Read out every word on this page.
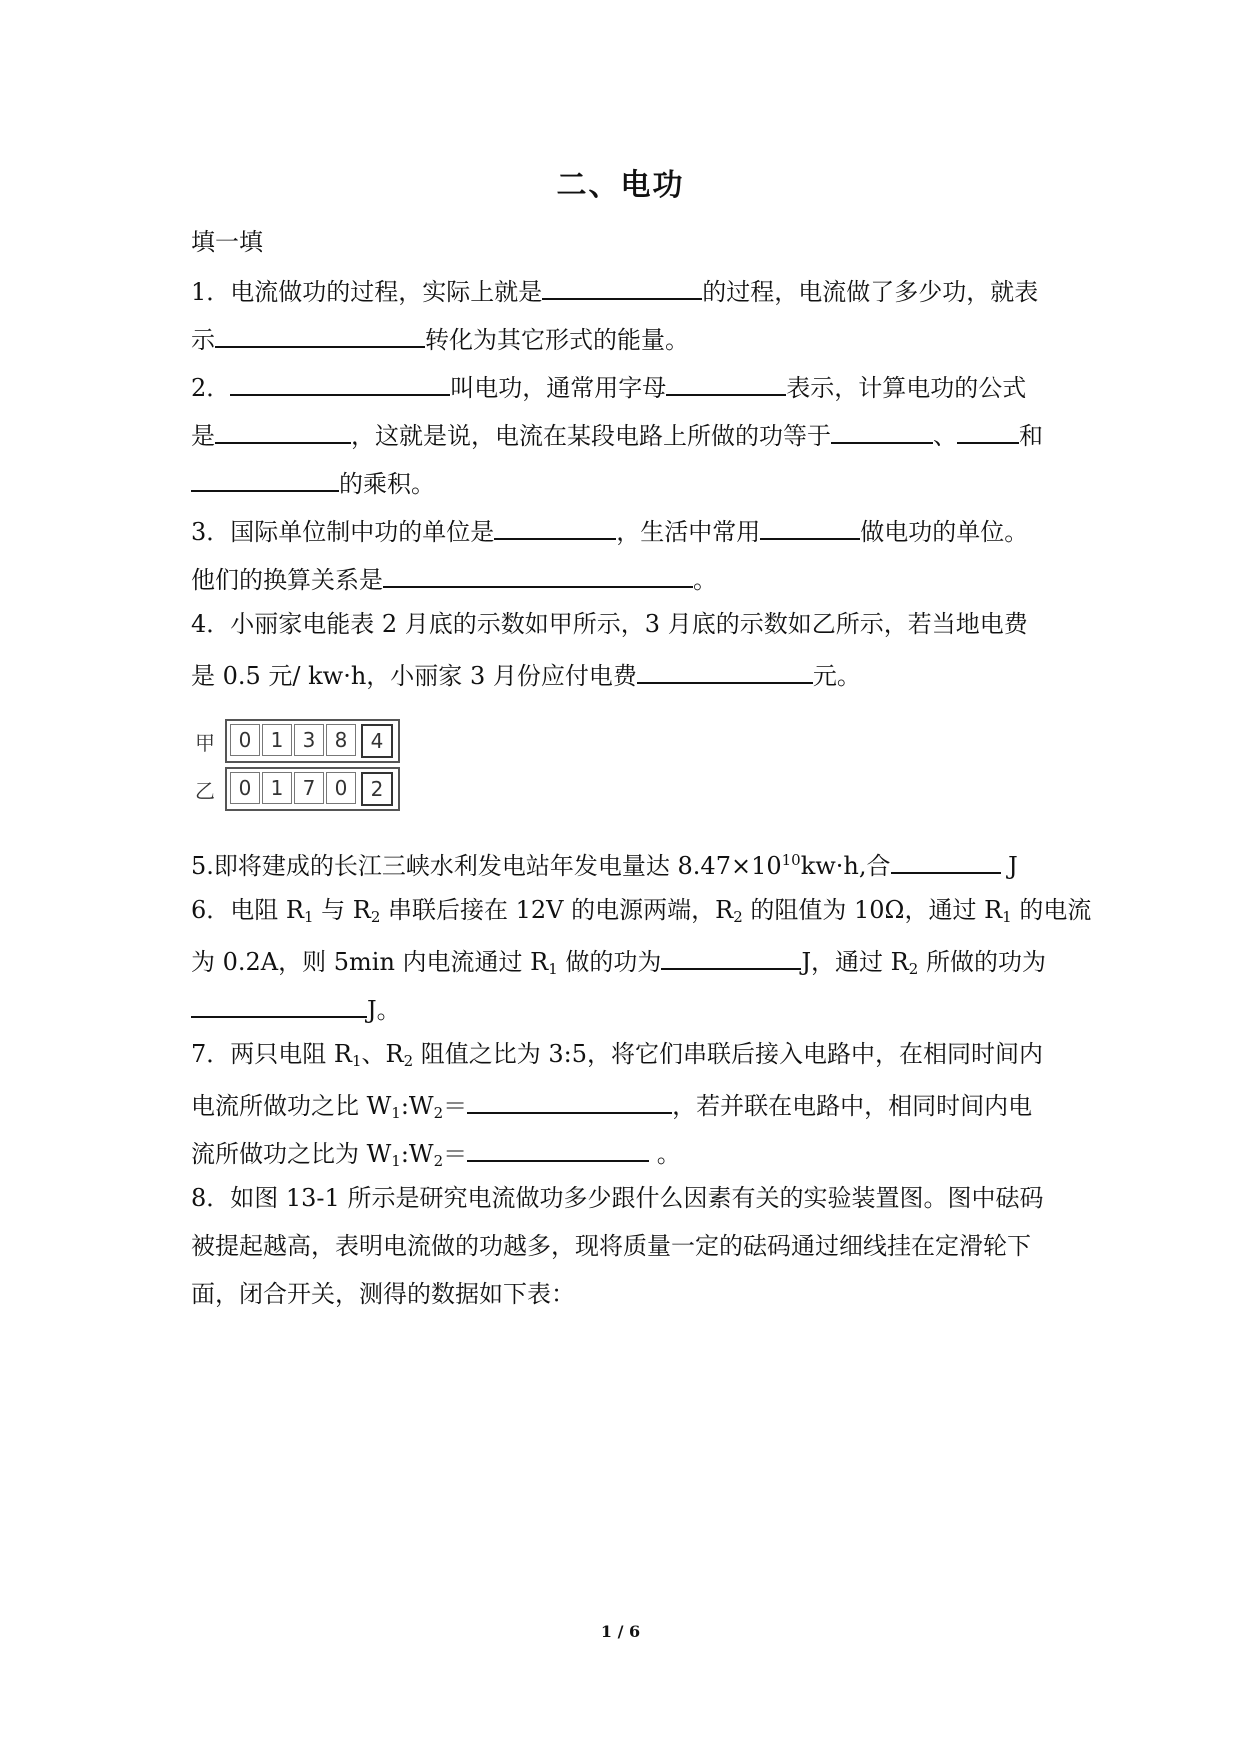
二、电功
填一填
1．电流做功的过程，实际上就是	的过程，电流做了多少功，就表
示	转化为其它形式的能量。
2．	叫电功，通常用字母	表示，计算电功的公式
是	，这就是说，电流在某段电路上所做的功等于	、	和
的乘积。
3．国际单位制中功的单位是	，生活中常用	做电功的单位。
他们的换算关系是	。
4．小丽家电能表 2 月底的示数如甲所示，3 月底的示数如乙所示，若当地电费
是 0.5 元/ kw·h，小丽家 3 月份应付电费	元。
甲	0 1 3 8	4
乙	0 1 7 0	2
5.即将建成的长江三峡水利发电站年发电量达 $8.47\times 10^{10}kw\cdot h$,合	J
6．电阻 $R_1$ 与 $R_2$ 串联后接在 12V 的电源两端，$R_2$ 的阻值为 10Ω，通过 $R_1$ 的电流
为 0.2A，则 5min 内电流通过 $R_1$ 做的功为	J，通过 $R_2$ 所做的功为
J。
7．两只电阻 $R_1$、$R_2$ 阻值之比为 3:5，将它们串联后接入电路中，在相同时间内
电流所做功之比 $W_1:W_2=$	，若并联在电路中，相同时间内电
流所做功之比为 $W_1:W_2=$	。
8．如图 13-1 所示是研究电流做功多少跟什么因素有关的实验装置图。图中砝码
被提起越高，表明电流做的功越多，现将质量一定的砝码通过细线挂在定滑轮下
面，闭合开关，测得的数据如下表：
1 / 6
